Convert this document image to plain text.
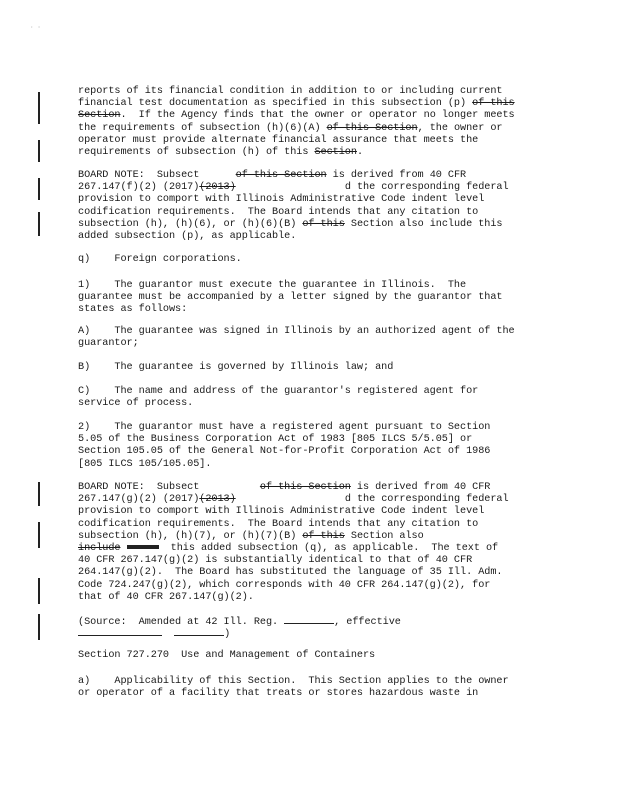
· ·
reports of its financial condition in addition to or including current
financial test documentation as specified in this subsection (p) of this
Section.  If the Agency finds that the owner or operator no longer meets
the requirements of subsection (h)(6)(A) of this Section, the owner or
operator must provide alternate financial assurance that meets the
requirements of subsection (h) of this Section.
BOARD NOTE:  Subsect      of this Section is derived from 40 CFR
267.147(f)(2) (2017)(2013)                  d the corresponding federal
provision to comport with Illinois Administrative Code indent level
codification requirements.  The Board intends that any citation to
subsection (h), (h)(6), or (h)(6)(B) of this Section also include this
added subsection (p), as applicable.
q)    Foreign corporations.
1)    The guarantor must execute the guarantee in Illinois.  The
guarantee must be accompanied by a letter signed by the guarantor that
states as follows:
A)    The guarantee was signed in Illinois by an authorized agent of the
guarantor;
B)    The guarantee is governed by Illinois law; and
C)    The name and address of the guarantor's registered agent for
service of process.
2)    The guarantor must have a registered agent pursuant to Section
5.05 of the Business Corporation Act of 1983 [805 ILCS 5/5.05] or
Section 105.05 of the General Not-for-Profit Corporation Act of 1986
[805 ILCS 105/105.05].
BOARD NOTE:  Subsect          of this Section is derived from 40 CFR
267.147(g)(2) (2017)(2013)                  d the corresponding federal
provision to comport with Illinois Administrative Code indent level
codification requirements.  The Board intends that any citation to
subsection (h), (h)(7), or (h)(7)(B) of this Section also
include	this added subsection (q), as applicable.  The text of
40 CFR 267.147(g)(2) is substantially identical to that of 40 CFR
264.147(g)(2).  The Board has substituted the language of 35 Ill. Adm.
Code 724.247(g)(2), which corresponds with 40 CFR 264.147(g)(2), for
that of 40 CFR 267.147(g)(2).
(Source:  Amended at 42 Ill. Reg.	, effective
)
Section 727.270  Use and Management of Containers
a)    Applicability of this Section.  This Section applies to the owner
or operator of a facility that treats or stores hazardous waste in
